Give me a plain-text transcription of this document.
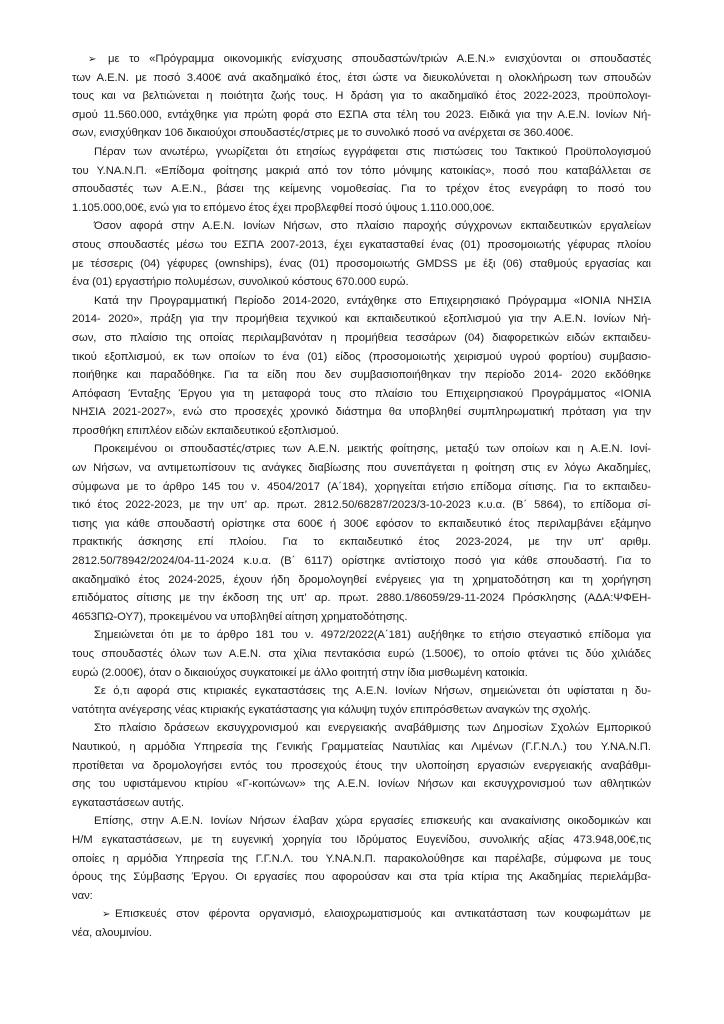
➢ με το «Πρόγραμμα οικονομικής ενίσχυσης σπουδαστών/τριών Α.Ε.Ν.» ενισχύονται οι σπουδαστές
των Α.Ε.Ν. με ποσό 3.400€ ανά ακαδημαϊκό έτος, έτσι ώστε να διευκολύνεται η ολοκλήρωση των σπουδών
τους και να βελτιώνεται η ποιότητα ζωής τους. Η δράση για το ακαδημαϊκό έτος 2022-2023, προϋπολογι-
σμού 11.560.000, εντάχθηκε για πρώτη φορά στο ΕΣΠΑ στα τέλη του 2023. Ειδικά για την Α.Ε.Ν. Ιονίων Νή-
σων, ενισχύθηκαν 106 δικαιούχοι σπουδαστές/στριες με το συνολικό ποσό να ανέρχεται σε 360.400€.
Πέραν των ανωτέρω, γνωρίζεται ότι ετησίως εγγράφεται στις πιστώσεις του Τακτικού Προϋπολογισμού
του Υ.ΝΑ.Ν.Π. «Επίδομα φοίτησης μακριά από τον τόπο μόνιμης κατοικίας», ποσό που καταβάλλεται σε
σπουδαστές των Α.Ε.Ν., βάσει της κείμενης νομοθεσίας. Για το τρέχον έτος ενεγράφη το ποσό του
1.105.000,00€, ενώ για το επόμενο έτος έχει προβλεφθεί ποσό ύψους 1.110.000,00€.
Όσον αφορά στην Α.Ε.Ν. Ιονίων Νήσων, στο πλαίσιο παροχής σύγχρονων εκπαιδευτικών εργαλείων
στους σπουδαστές μέσω του ΕΣΠΑ 2007-2013, έχει εγκατασταθεί ένας (01) προσομοιωτής γέφυρας πλοίου
με τέσσερις (04) γέφυρες (ownships), ένας (01) προσομοιωτής GMDSS με έξι (06) σταθμούς εργασίας και
ένα (01) εργαστήριο πολυμέσων, συνολικού κόστους 670.000 ευρώ.
Κατά την Προγραμματική Περίοδο 2014-2020, εντάχθηκε στο Επιχειρησιακό Πρόγραμμα «ΙΟΝΙΑ ΝΗΣΙΑ
2014- 2020», πράξη για την προμήθεια τεχνικού και εκπαιδευτικού εξοπλισμού για την Α.Ε.Ν. Ιονίων Νή-
σων, στο πλαίσιο της οποίας περιλαμβανόταν η προμήθεια τεσσάρων (04) διαφορετικών ειδών εκπαιδευ-
τικού εξοπλισμού, εκ των οποίων το ένα (01) είδος (προσομοιωτής χειρισμού υγρού φορτίου) συμβασιο-
ποιήθηκε και παραδόθηκε. Για τα είδη που δεν συμβασιοποιήθηκαν την περίοδο 2014- 2020 εκδόθηκε
Απόφαση Ένταξης Έργου για τη μεταφορά τους στο πλαίσιο του Επιχειρησιακού Προγράμματος «ΙΟΝΙΑ
ΝΗΣΙΑ 2021-2027», ενώ στο προσεχές χρονικό διάστημα θα υποβληθεί συμπληρωματική πρόταση για την
προσθήκη επιπλέον ειδών εκπαιδευτικού εξοπλισμού.
Προκειμένου οι σπουδαστές/στριες των Α.Ε.Ν. μεικτής φοίτησης, μεταξύ των οποίων και η Α.Ε.Ν. Ιονί-
ων Νήσων, να αντιμετωπίσουν τις ανάγκες διαβίωσης που συνεπάγεται η φοίτηση στις εν λόγω Ακαδημίες,
σύμφωνα με το άρθρο 145 του ν. 4504/2017 (Α΄184), χορηγείται ετήσιο επίδομα σίτισης. Για το εκπαιδευ-
τικό έτος 2022-2023, με την υπ’ αρ. πρωτ. 2812.50/68287/2023/3-10-2023 κ.υ.α. (Β΄ 5864), το επίδομα σί-
τισης για κάθε σπουδαστή ορίστηκε στα 600€ ή 300€ εφόσον το εκπαιδευτικό έτος περιλαμβάνει εξάμηνο
πρακτικής άσκησης επί πλοίου. Για το εκπαιδευτικό έτος 2023-2024, με την υπ' αριθμ.
2812.50/78942/2024/04-11-2024 κ.υ.α. (Β΄ 6117) ορίστηκε αντίστοιχο ποσό για κάθε σπουδαστή. Για το
ακαδημαϊκό έτος 2024-2025, έχουν ήδη δρομολογηθεί ενέργειες για τη χρηματοδότηση και τη χορήγηση
επιδόματος σίτισης με την έκδοση της υπ' αρ. πρωτ. 2880.1/86059/29-11-2024 Πρόσκλησης (ΑΔΑ:ΨΦΕΗ-
4653ΠΩ-ΟΥ7), προκειμένου να υποβληθεί αίτηση χρηματοδότησης.
Σημειώνεται ότι με το άρθρο 181 του ν. 4972/2022(Α΄181) αυξήθηκε το ετήσιο στεγαστικό επίδομα για
τους σπουδαστές όλων των Α.Ε.Ν. στα χίλια πεντακόσια ευρώ (1.500€), το οποίο φτάνει τις δύο χιλιάδες
ευρώ (2.000€), όταν ο δικαιούχος συγκατοικεί με άλλο φοιτητή στην ίδια μισθωμένη κατοικία.
Σε ό,τι αφορά στις κτιριακές εγκαταστάσεις της Α.Ε.Ν. Ιονίων Νήσων, σημειώνεται ότι υφίσταται η δυ-
νατότητα ανέγερσης νέας κτιριακής εγκατάστασης για κάλυψη τυχόν επιπρόσθετων αναγκών της σχολής.
Στο πλαίσιο δράσεων εκσυγχρονισμού και ενεργειακής αναβάθμισης των Δημοσίων Σχολών Εμπορικού
Ναυτικού, η αρμόδια Υπηρεσία της Γενικής Γραμματείας Ναυτιλίας και Λιμένων (Γ.Γ.Ν.Λ.) του Υ.ΝΑ.Ν.Π.
προτίθεται να δρομολογήσει εντός του προσεχούς έτους την υλοποίηση εργασιών ενεργειακής αναβάθμι-
σης του υφιστάμενου κτιρίου «Γ-κοιτώνων» της Α.Ε.Ν. Ιονίων Νήσων και εκσυγχρονισμού των αθλητικών
εγκαταστάσεων αυτής.
Επίσης, στην Α.Ε.Ν. Ιονίων Νήσων έλαβαν χώρα εργασίες επισκευής και ανακαίνισης οικοδομικών και
Η/Μ εγκαταστάσεων, με τη ευγενική χορηγία του Ιδρύματος Ευγενίδου, συνολικής αξίας 473.948,00€,τις
οποίες η αρμόδια Υπηρεσία της Γ.Γ.Ν.Λ. του Υ.ΝΑ.Ν.Π. παρακολούθησε και παρέλαβε, σύμφωνα με τους
όρους της Σύμβασης Έργου. Οι εργασίες που αφορούσαν και στα τρία κτίρια της Ακαδημίας περιελάμβα-
ναν:
➢ Επισκευές στον φέροντα οργανισμό, ελαιοχρωματισμούς και αντικατάσταση των κουφωμάτων με
νέα, αλουμινίου.
